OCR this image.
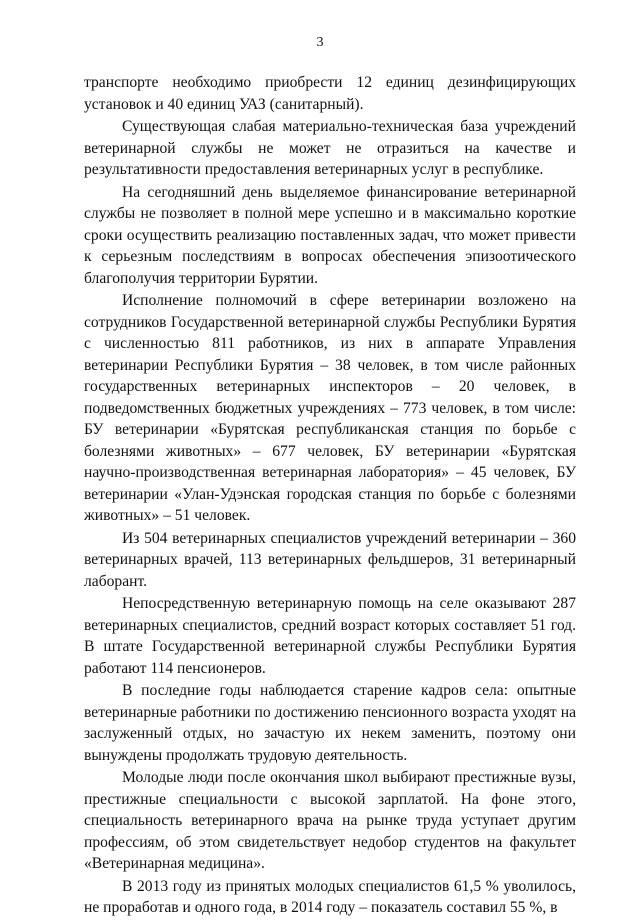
3

транспорте необходимо приобрести 12 единиц дезинфицирующих установок и 40 единиц УАЗ (санитарный).

Существующая слабая материально-техническая база учреждений ветеринарной службы не может не отразиться на качестве и результативности предоставления ветеринарных услуг в республике.

На сегодняшний день выделяемое финансирование ветеринарной службы не позволяет в полной мере успешно и в максимально короткие сроки осуществить реализацию поставленных задач, что может привести к серьезным последствиям в вопросах обеспечения эпизоотического благополучия территории Бурятии.

Исполнение полномочий в сфере ветеринарии возложено на сотрудников Государственной ветеринарной службы Республики Бурятия с численностью 811 работников, из них в аппарате Управления ветеринарии Республики Бурятия – 38 человек, в том числе районных государственных ветеринарных инспекторов – 20 человек, в подведомственных бюджетных учреждениях – 773 человек, в том числе: БУ ветеринарии «Бурятская республиканская станция по борьбе с болезнями животных» – 677 человек, БУ ветеринарии «Бурятская научно-производственная ветеринарная лаборатория» – 45 человек, БУ ветеринарии «Улан-Удэнская городская станция по борьбе с болезнями животных» – 51 человек.

Из 504 ветеринарных специалистов учреждений ветеринарии – 360 ветеринарных врачей, 113 ветеринарных фельдшеров, 31 ветеринарный лаборант.

Непосредственную ветеринарную помощь на селе оказывают 287 ветеринарных специалистов, средний возраст которых составляет 51 год. В штате Государственной ветеринарной службы Республики Бурятия работают 114 пенсионеров.

В последние годы наблюдается старение кадров села: опытные ветеринарные работники по достижению пенсионного возраста уходят на заслуженный отдых, но зачастую их некем заменить, поэтому они вынуждены продолжать трудовую деятельность.

Молодые люди после окончания школ выбирают престижные вузы, престижные специальности с высокой зарплатой. На фоне этого, специальность ветеринарного врача на рынке труда уступает другим профессиям, об этом свидетельствует недобор студентов на факультет «Ветеринарная медицина».

В 2013 году из принятых молодых специалистов 61,5 % уволилось, не проработав и одного года, в 2014 году – показатель составил 55 %, в
